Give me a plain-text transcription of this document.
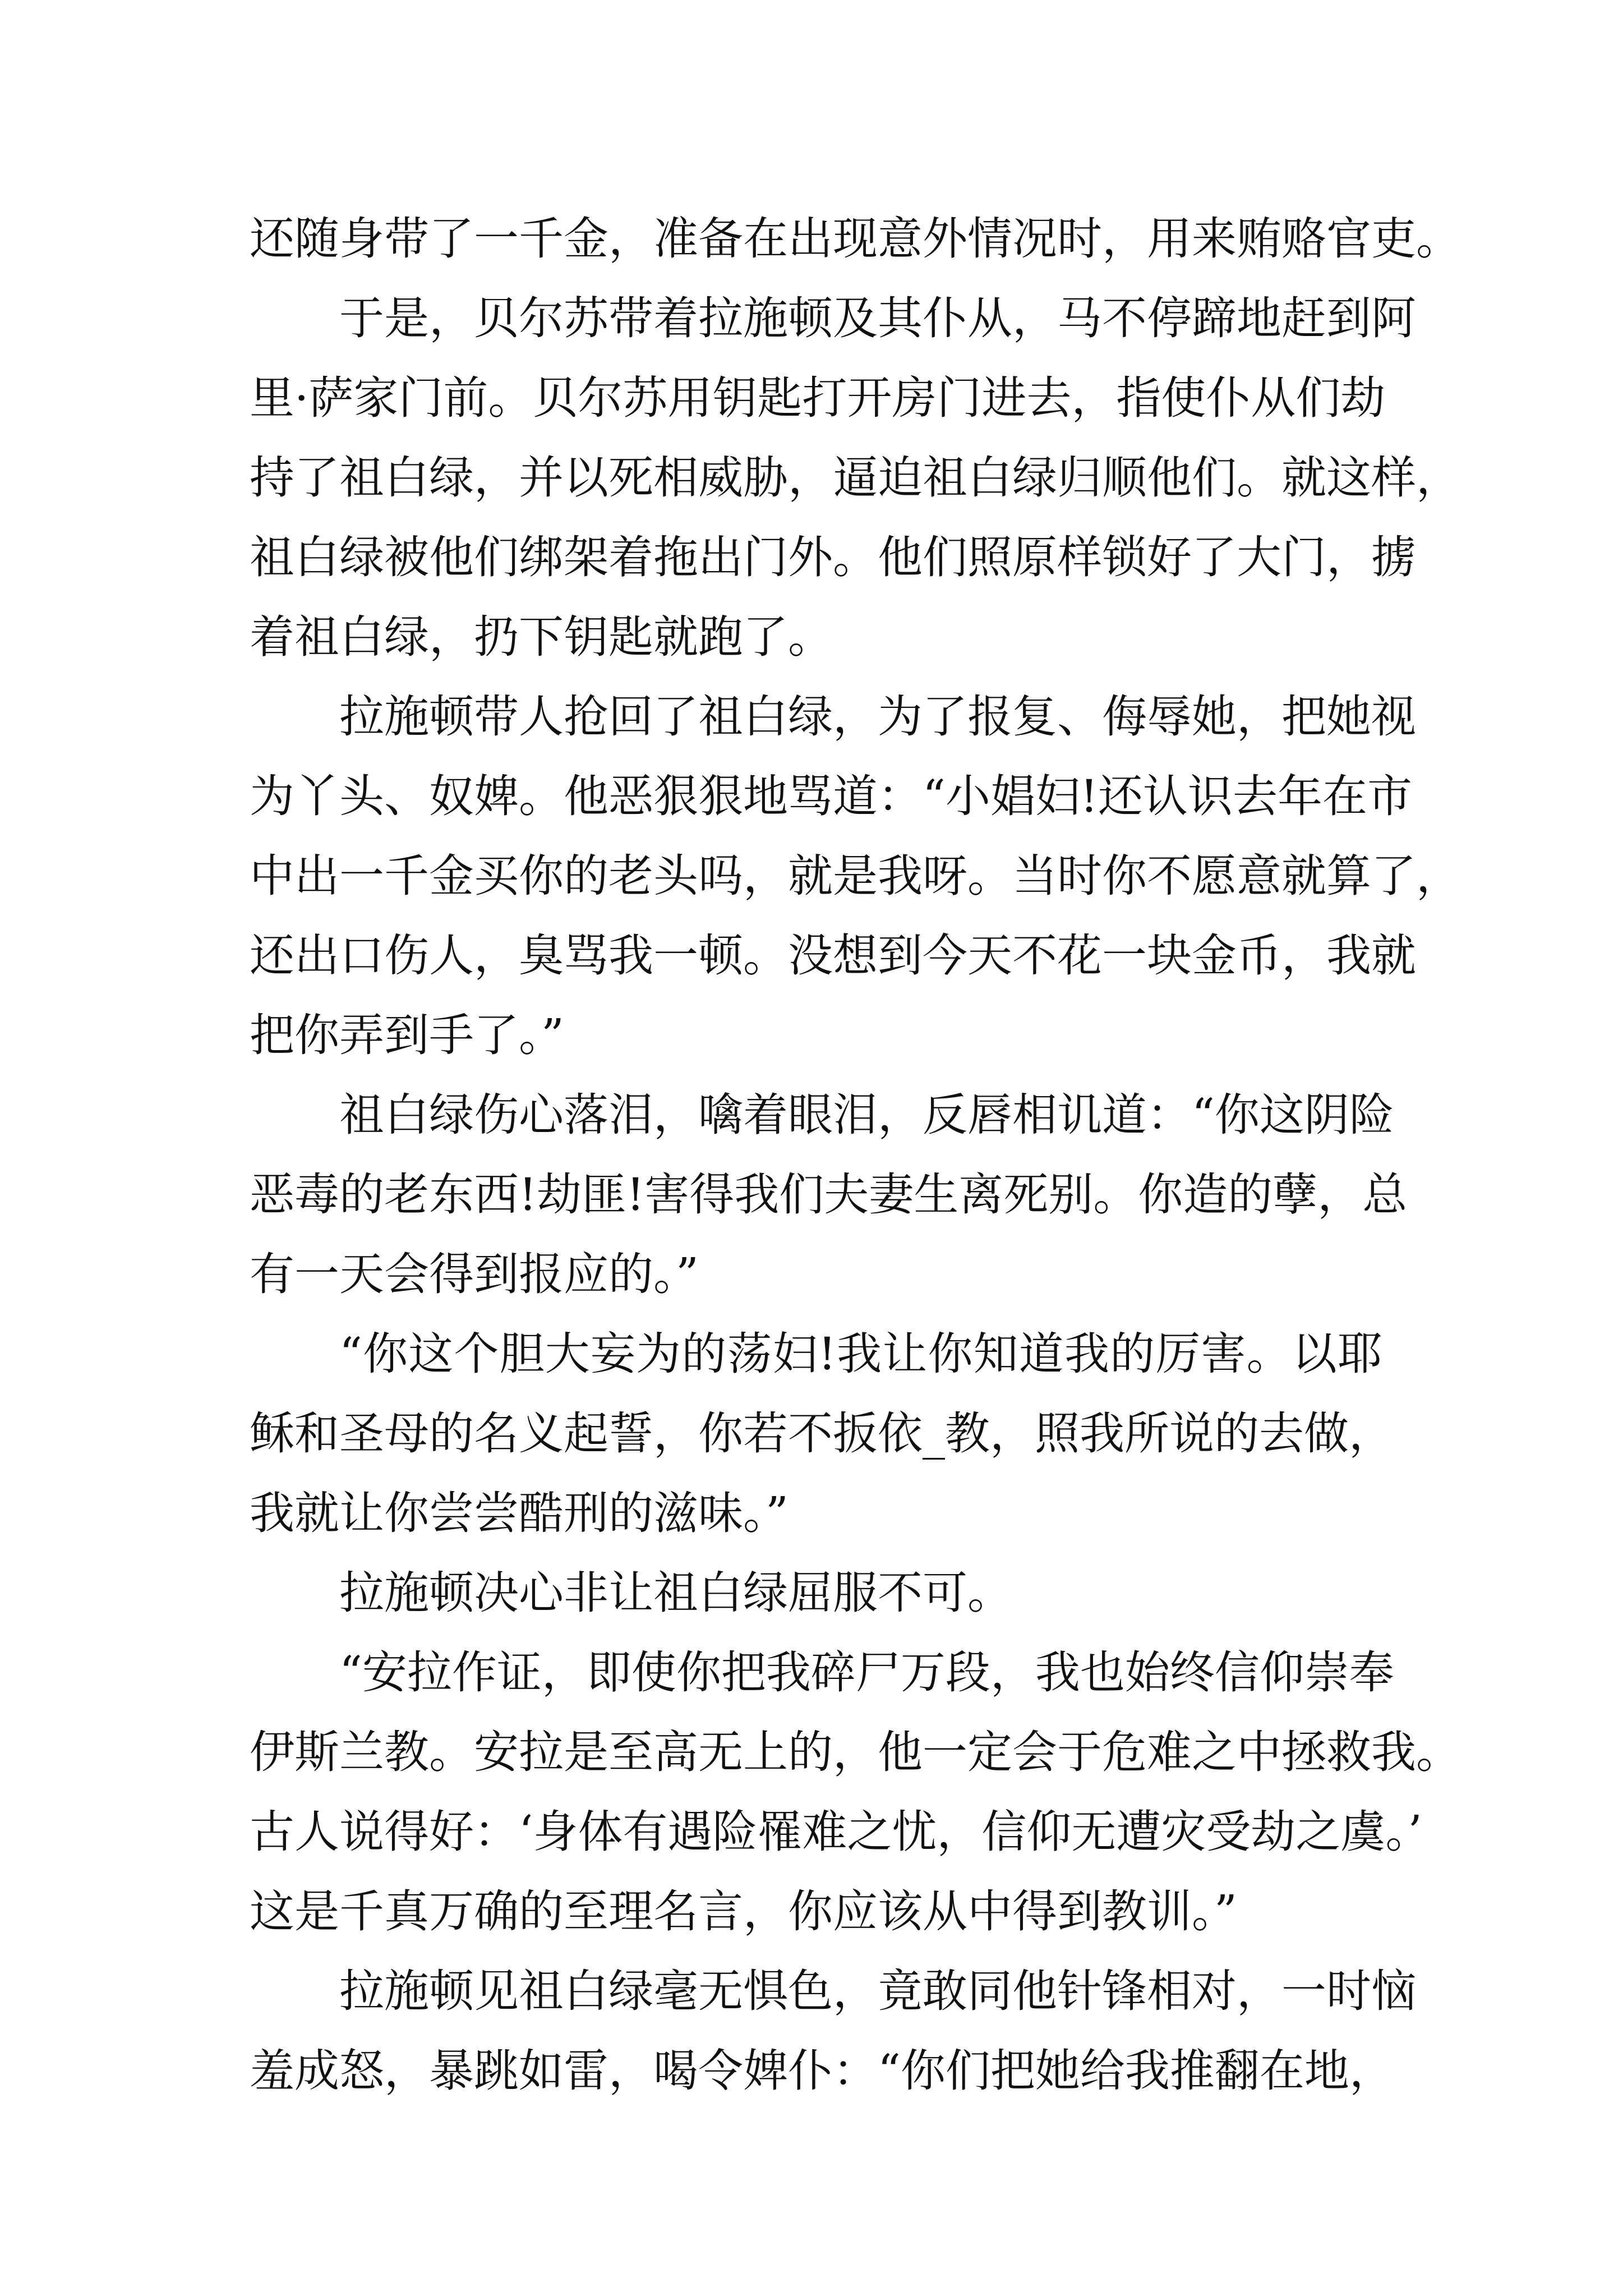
还随身带了一千金，准备在出现意外情况时，用来贿赂官吏。
于是，贝尔苏带着拉施顿及其仆从，马不停蹄地赶到阿
里·萨家门前。贝尔苏用钥匙打开房门进去，指使仆从们劫
持了祖白绿，并以死相威胁，逼迫祖白绿归顺他们。就这样，
祖白绿被他们绑架着拖出门外。他们照原样锁好了大门，掳
着祖白绿，扔下钥匙就跑了。
拉施顿带人抢回了祖白绿，为了报复、侮辱她，把她视
为丫头、奴婢。他恶狠狠地骂道：“小娼妇!还认识去年在市
中出一千金买你的老头吗，就是我呀。当时你不愿意就算了，
还出口伤人，臭骂我一顿。没想到今天不花一块金币，我就
把你弄到手了。”
祖白绿伤心落泪，噙着眼泪，反唇相讥道：“你这阴险
恶毒的老东西!劫匪!害得我们夫妻生离死别。你造的孽，总
有一天会得到报应的。”
“你这个胆大妄为的荡妇!我让你知道我的厉害。以耶
稣和圣母的名义起誓，你若不扳依_教，照我所说的去做，
我就让你尝尝酷刑的滋味。”
拉施顿决心非让祖白绿屈服不可。
“安拉作证，即使你把我碎尸万段，我也始终信仰崇奉
伊斯兰教。安拉是至高无上的，他一定会于危难之中拯救我。
古人说得好：‘身体有遇险罹难之忧，信仰无遭灾受劫之虞。’
这是千真万确的至理名言，你应该从中得到教训。”
拉施顿见祖白绿毫无惧色，竟敢同他针锋相对，一时恼
羞成怒，暴跳如雷，喝令婢仆：“你们把她给我推翻在地，
